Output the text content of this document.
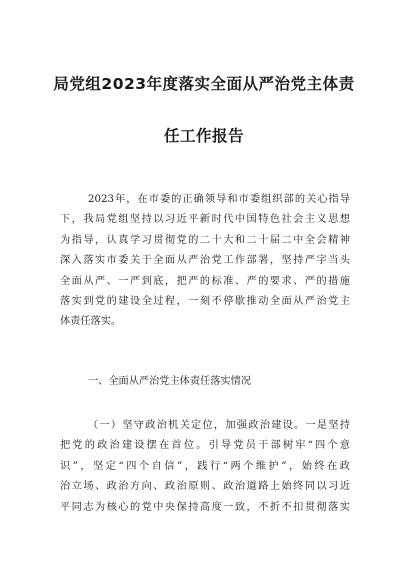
局党组2023年度落实全面从严治党主体责
任工作报告
2023年，在市委的正确领导和市委组织部的关心指导
下，我局党组坚持以习近平新时代中国特色社会主义思想
为指导，认真学习贯彻党的二十大和二十届二中全会精神
深入落实市委关于全面从严治党工作部署，坚持严字当头
全面从严、一严到底，把严的标准、严的要求、严的措施
落实到党的建设全过程，一刻不停歇推动全面从严治党主
体责任落实。

一、全面从严治党主体责任落实情况

（一）坚守政治机关定位，加强政治建设。一是坚持
把党的政治建设摆在首位。引导党员干部树牢“四个意
识”，坚定“四个自信”，践行“两个维护”，始终在政
治立场、政治方向、政治原则、政治道路上始终同以习近
平同志为核心的党中央保持高度一致，不折不扣贯彻落实
